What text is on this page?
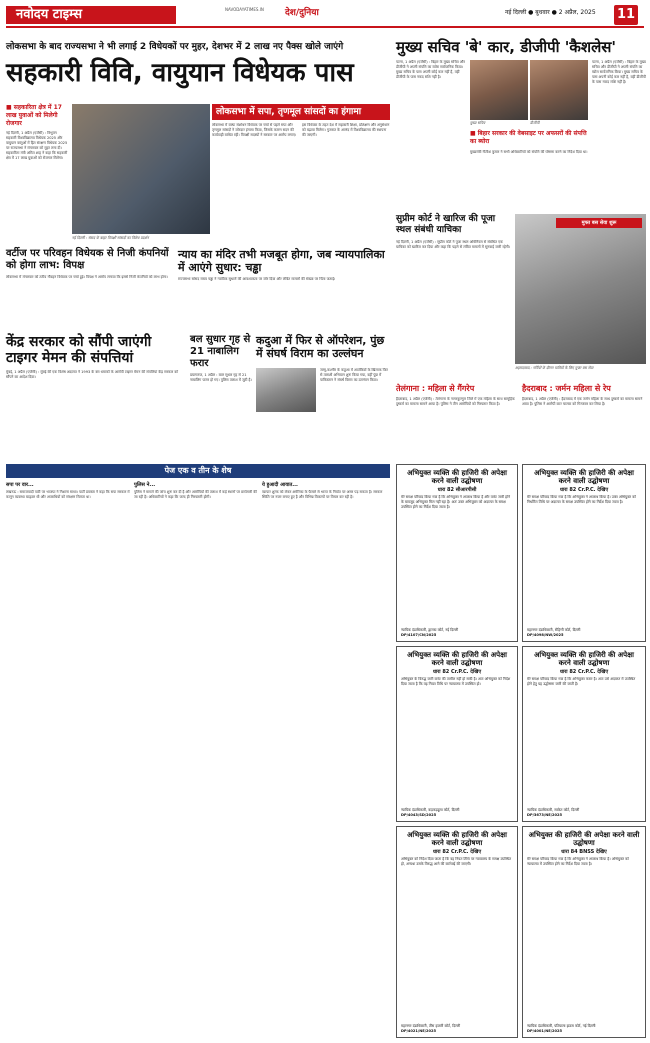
नवोदय टाइम्स	NAVODAYATIMES.IN देश/दुनिया	नई दिल्ली ● बुधवार ● 2 अप्रैल, 2025 11
लोकसभा के बाद राज्यसभा ने भी लगाई 2 विधेयकों पर मुहर, देशभर में 2 लाख नए पैक्स खोले जाएंगे
सहकारी विवि, वायुयान विधेयक पास
■ सहकारिता क्षेत्र में 17 लाख युवाओं को मिलेगी रोजगार
नई दिल्ली, 1 अप्रैल (एजेंसी) : त्रिभुवन सहकारी विश्वविद्यालय विधेयक 2025 और वायुयान वस्तुओं में हित संरक्षण विधेयक 2025 पर राज्यसभा ने मंगलवार को मुहर लगा दी। सहकारिता मंत्री अमित शाह ने कहा कि सहकारी क्षेत्र में 17 लाख युवाओं को रोजगार मिलेगा।
नई दिल्ली : संसद के बाहर विपक्षी सांसदों का विरोध प्रदर्शन
लोकसभा में सपा, तृणमूल सांसदों का हंगामा
लोकसभा में वक्फ संशोधन विधेयक पर चर्चा से पहले सपा और तृणमूल सांसदों ने जोरदार हंगामा किया, जिसके कारण सदन की कार्यवाही बाधित रही। विपक्षी सदस्यों ने सरकार पर आरोप लगाए।
इस विधेयक के तहत देश में सहकारी शिक्षा, प्रशिक्षण और अनुसंधान को बढ़ावा मिलेगा। गुजरात के आणंद में विश्वविद्यालय की स्थापना की जाएगी।
वर्टीज पर परिवहन विधेयक से निजी कंपनियों को होगा लाभ: विपक्ष
लोकसभा में मंगलवार को तटीय नौवहन विधेयक पर चर्चा हुई। विपक्ष ने आरोप लगाया कि इससे निजी कंपनियों को लाभ होगा।
न्याय का मंदिर तभी मजबूत होगा, जब न्यायपालिका में आएंगे सुधार: चड्ढा
राज्यसभा सांसद राघव चड्ढा ने न्यायिक सुधारों की आवश्यकता पर जोर दिया और लंबित मामलों की संख्या पर चिंता जताई।
केंद्र सरकार को सौंपी जाएंगी टाइगर मेमन की संपत्तियां
मुंबई, 1 अप्रैल (एजेंसी) : मुंबई की एक विशेष अदालत ने 1993 के बम धमाकों के आरोपी टाइगर मेमन की संपत्तियां केंद्र सरकार को सौंपने का आदेश दिया।
बल सुधार गृह से 21 नाबालिग फरार
प्रयागराज, 1 अप्रैल : बाल सुधार गृह से 21 नाबालिग फरार हो गए। पुलिस तलाश में जुटी है।
कदुआ में फिर से ऑपरेशन, पुंछ में संघर्ष विराम का उल्लंघन
जम्मू-कश्मीर के कठुआ में आतंकियों के खिलाफ फिर से तलाशी अभियान शुरू किया गया, वहीं पुंछ में पाकिस्तान ने संघर्ष विराम का उल्लंघन किया।
मुख्य सचिव 'बे' कार, डीजीपी 'कैशलेस'
पटना, 1 अप्रैल (एजेंसी) : बिहार के मुख्य सचिव और डीजीपी ने अपनी संपत्ति का ब्योरा सार्वजनिक किया। मुख्य सचिव के पास अपनी कोई कार नहीं है, वहीं डीजीपी के पास नकद राशि नहीं है।
मुख्य सचिव	डीजीपी
■ बिहार सरकार की वेबसाइट पर अफसरों की संपत्ति का ब्योरा
मुख्यमंत्री नीतीश कुमार ने सभी अधिकारियों को संपत्ति की घोषणा करने का निर्देश दिया था।
पटना, 1 अप्रैल (एजेंसी) : बिहार के मुख्य सचिव और डीजीपी ने अपनी संपत्ति का ब्योरा सार्वजनिक किया। मुख्य सचिव के पास अपनी कोई कार नहीं है, वहीं डीजीपी के पास नकद राशि नहीं है।
सुप्रीम कोर्ट ने खारिज की पूजा स्थल संबंधी याचिका
नई दिल्ली, 1 अप्रैल (एजेंसी) : सुप्रीम कोर्ट ने पूजा स्थल अधिनियम से संबंधित एक याचिका को खारिज कर दिया और कहा कि पहले से लंबित मामलों में सुनवाई जारी रहेगी।
मुफ्त बस सेवा शुरू
अहमदाबाद : गर्मियों के दौरान यात्रियों के लिए मुफ्त बस सेवा
तेलंगाना : महिला से गैंगरेप
हैदराबाद, 1 अप्रैल (एजेंसी) : तेलंगाना के नागरकुरनूल जिले में एक महिला के साथ सामूहिक दुष्कर्म का मामला सामने आया है। पुलिस ने तीन आरोपियों को गिरफ्तार किया है।
हैदराबाद : जर्मन महिला से रेप
हैदराबाद, 1 अप्रैल (एजेंसी) : हैदराबाद में एक जर्मन महिला के साथ दुष्कर्म का मामला सामने आया है। पुलिस ने आरोपी कार चालक को गिरफ्तार कर लिया है।
पेज एक व तीन के शेष
सपा पर वार...
लखनऊ : समाजवादी पार्टी पर भाजपा ने निशाना साधा। पार्टी प्रवक्ता ने कहा कि सपा सरकार में कानून व्यवस्था बदहाल थी और अपराधियों को संरक्षण मिलता था।
पुलिस ने...
पुलिस ने मामले की जांच शुरू कर दी है और आरोपियों की तलाश में कई स्थानों पर छापेमारी की जा रही है। अधिकारियों ने कहा कि जल्द ही गिरफ्तारी होगी।
ये हुआदी आयात...
व्यापार शुल्क को लेकर अमेरिका के फैसले से भारत के निर्यात पर असर पड़ सकता है। सरकार स्थिति पर नजर बनाए हुए है और विभिन्न विकल्पों पर विचार कर रही है।
अभियुक्त व्यक्ति की हाजिरी की अपेक्षा करने वाली उद्घोषणा
धारा 82 सीआरपीसी
मेरे समक्ष परिवाद किया गया है कि अभियुक्त ने अपराध किया है और वारंट जारी होने के बावजूद अभियुक्त मिल नहीं रहा है। अतः उक्त अभियुक्त को अदालत के समक्ष उपस्थित होने का निर्देश दिया जाता है।
न्यायिक दंडाधिकारी, द्वारका कोर्ट, नई दिल्ली
DP/4107/CN/2025
अभियुक्त व्यक्ति की हाजिरी की अपेक्षा करने वाली उद्घोषणा
धारा 82 Cr.P.C. देखिए
मेरे समक्ष परिवाद किया गया है कि अभियुक्त ने अपराध किया है। उक्त अभियुक्त को निर्धारित तिथि पर अदालत के समक्ष उपस्थित होने का निर्देश दिया जाता है।
महानगर दंडाधिकारी, रोहिणी कोर्ट, दिल्ली
DP/4098/NW/2025
अभियुक्त व्यक्ति की हाजिरी की अपेक्षा करने वाली उद्घोषणा
धारा 82 Cr.P.C. देखिए
अभियुक्त के विरुद्ध जारी वारंट की तामील नहीं हो सकी है। अतः अभियुक्त को निर्देश दिया जाता है कि वह नियत तिथि पर न्यायालय में उपस्थित हो।
न्यायिक दंडाधिकारी, कड़कड़डूमा कोर्ट, दिल्ली
DP/4043/SD/2025
अभियुक्त व्यक्ति की हाजिरी की अपेक्षा करने वाली उद्घोषणा
धारा 82 Cr.P.C. देखिए
मेरे समक्ष परिवाद किया गया है कि अभियुक्त फरार है। अतः उसे अदालत में उपस्थित होने हेतु यह उद्घोषणा जारी की जाती है।
न्यायिक दंडाधिकारी, साकेत कोर्ट, दिल्ली
DP/3673/NE/2025
अभियुक्त व्यक्ति की हाजिरी की अपेक्षा करने वाली उद्घोषणा
धारा 82 Cr.P.C. देखिए
अभियुक्त को निर्देश दिया जाता है कि वह नियत तिथि पर न्यायालय के समक्ष उपस्थित हो, अन्यथा उसके विरुद्ध आगे की कार्रवाई की जाएगी।
महानगर दंडाधिकारी, तीस हजारी कोर्ट, दिल्ली
DP/4021/NE/2025
अभियुक्त की हाजिरी की अपेक्षा करने वाली उद्घोषणा
धारा 84 BNSS देखिए
मेरे समक्ष परिवाद किया गया है कि अभियुक्त ने अपराध किया है। अभियुक्त को न्यायालय में उपस्थित होने का निर्देश दिया जाता है।
न्यायिक दंडाधिकारी, पटियाला हाउस कोर्ट, नई दिल्ली
DP/4001/NE/2025
